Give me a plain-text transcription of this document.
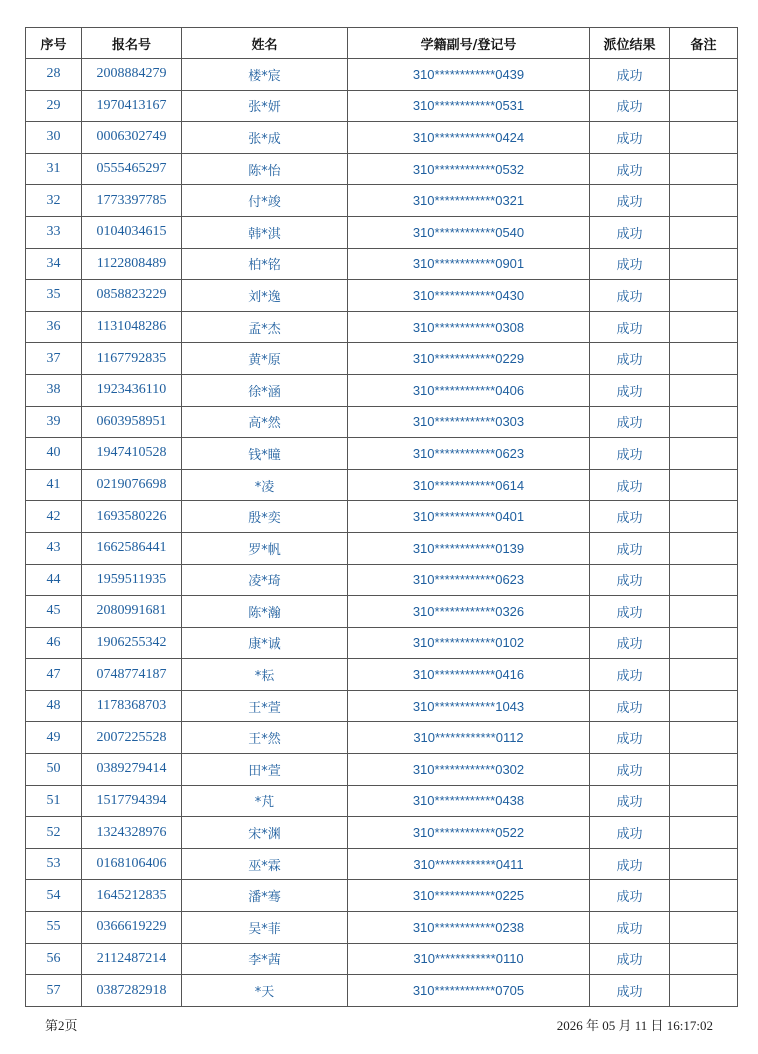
序号	报名号	姓名	学籍副号/登记号	派位结果	备注
28	2008884279	楼*宸	310************0439	成功	
29	1970413167	张*妍	310************0531	成功	
30	0006302749	张*成	310************0424	成功	
31	0555465297	陈*怡	310************0532	成功	
32	1773397785	付*竣	310************0321	成功	
33	0104034615	韩*淇	310************0540	成功	
34	1122808489	柏*铭	310************0901	成功	
35	0858823229	刘*逸	310************0430	成功	
36	1131048286	孟*杰	310************0308	成功	
37	1167792835	黄*原	310************0229	成功	
38	1923436110	徐*涵	310************0406	成功	
39	0603958951	高*然	310************0303	成功	
40	1947410528	钱*瞳	310************0623	成功	
41	0219076698	*凌	310************0614	成功	
42	1693580226	殷*奕	310************0401	成功	
43	1662586441	罗*帆	310************0139	成功	
44	1959511935	凌*琦	310************0623	成功	
45	2080991681	陈*瀚	310************0326	成功	
46	1906255342	康*诚	310************0102	成功	
47	0748774187	*耘	310************0416	成功	
48	1178368703	王*萱	310************1043	成功	
49	2007225528	王*然	310************0112	成功	
50	0389279414	田*萱	310************0302	成功	
51	1517794394	*芃	310************0438	成功	
52	1324328976	宋*渊	310************0522	成功	
53	0168106406	巫*霖	310************0411	成功	
54	1645212835	潘*骞	310************0225	成功	
55	0366619229	吴*菲	310************0238	成功	
56	2112487214	李*茜	310************0110	成功	
57	0387282918	*天	310************0705	成功	
第2页	2026 年 05 月 11 日 16:17:02
